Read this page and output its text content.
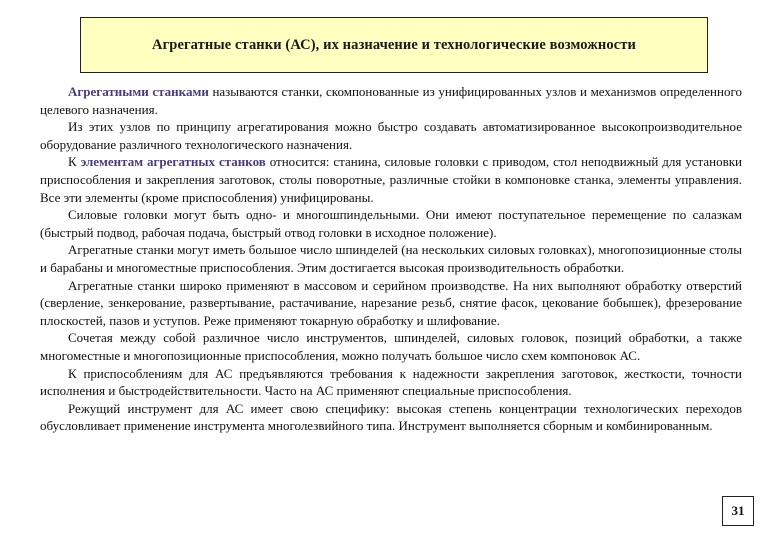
Агрегатные станки (АС), их назначение и технологические возможности

Агрегатными станками называются станки, скомпонованные из унифицированных узлов и механизмов определенного целевого назначения.

Из этих узлов по принципу агрегатирования можно быстро создавать автоматизированное высокопроизводительное оборудование различного технологического назначения.

К элементам агрегатных станков относится: станина, силовые головки с приводом, стол неподвижный для установки приспособления и закрепления заготовок, столы поворотные, различные стойки в компоновке станка, элементы управления. Все эти элементы (кроме приспособления) унифицированы.

Силовые головки могут быть одно- и многошпиндельными. Они имеют поступательное перемещение по салазкам (быстрый подвод, рабочая подача, быстрый отвод головки в исходное положение).

Агрегатные станки могут иметь большое число шпинделей (на нескольких силовых головках), многопозиционные столы и барабаны и многоместные приспособления. Этим достигается высокая производительность обработки.

Агрегатные станки широко применяют в массовом и серийном производстве. На них выполняют обработку отверстий (сверление, зенкерование, развертывание, растачивание, нарезание резьб, снятие фасок, цекование бобышек), фрезерование плоскостей, пазов и уступов. Реже применяют токарную обработку и шлифование.

Сочетая между собой различное число инструментов, шпинделей, силовых головок, позиций обработки, а также многоместные и многопозиционные приспособления, можно получать большое число схем компоновок АС.

К приспособлениям для АС предъявляются требования к надежности закрепления заготовок, жесткости, точности исполнения и быстродействительности. Часто на АС применяют специальные приспособления.

Режущий инструмент для АС имеет свою специфику: высокая степень концентрации технологических переходов обусловливает применение инструмента многолезвийного типа. Инструмент выполняется сборным и комбинированным.

31
